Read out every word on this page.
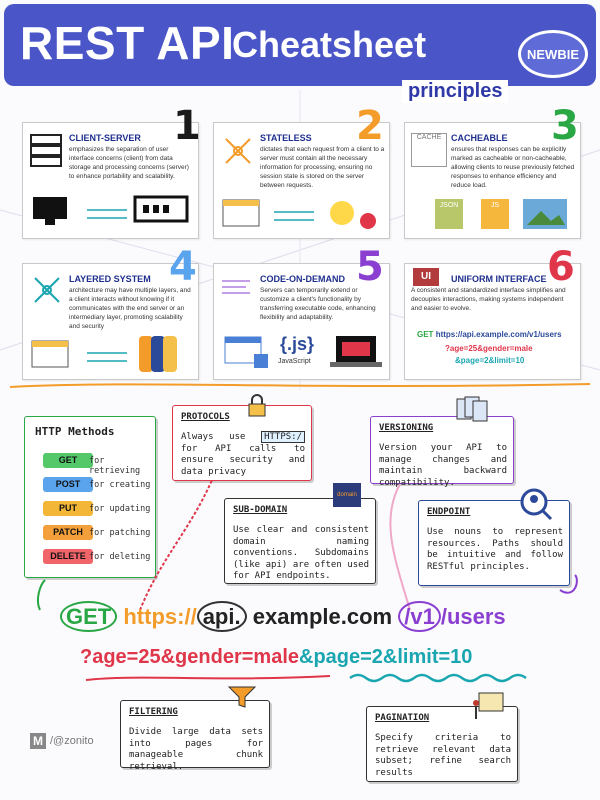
REST API
Cheatsheet	NEWBIE
principles
CLIENT-SERVER
emphasizes the separation of user interface concerns (client) from data storage and processing concerns (server) to enhance portability and scalability.
1	STATELESS
dictates that each request from a client to a server must contain all the necessary information for processing, ensuring no session state is stored on the server between requests.
2	CACHEABLE
ensures that responses can be explicitly marked as cacheable or non-cacheable, allowing clients to reuse previously fetched responses to enhance efficiency and reduce load.
CACHE
JSON	JS
3
LAYERED SYSTEM
architecture may have multiple layers, and a client interacts without knowing if it communicates with the end server or an intermediary layer, promoting scalability and security
4	CODE-ON-DEMAND
Servers can temporarily extend or customize a client's functionality by transferring executable code, enhancing flexibility and adaptability.
{.js}
JavaScript
5	UNIFORM INTERFACE
A consistent and standardized interface simplifies and decouples interactions, making systems independent and easier to evolve.
UI
GET https://api.example.com/v1/users
?age=25&gender=male
&page=2&limit=10
6
HTTP Methods
GET	for retrieving
POST	for creating
PUT	for updating
PATCH for patching
DELETE for deleting
PROTOCOLS
Always use HTTPS:/ for API calls to ensure security and data privacy
VERSIONING
Version your API to manage changes and maintain backward compatibility.
SUB-DOMAIN
Use clear and consistent domain naming conventions. Subdomains (like api) are often used for API endpoints.
domain
ENDPOINT
Use nouns to represent resources. Paths should be intuitive and follow RESTful principles.
GET https:// api. example.com /v1 /users
?age=25&gender=male&page=2&limit=10
FILTERING
Divide large data sets into pages for manageable chunk retrieval.
PAGINATION
Specify criteria to retrieve relevant data subset; refine search results
M /@zonito
